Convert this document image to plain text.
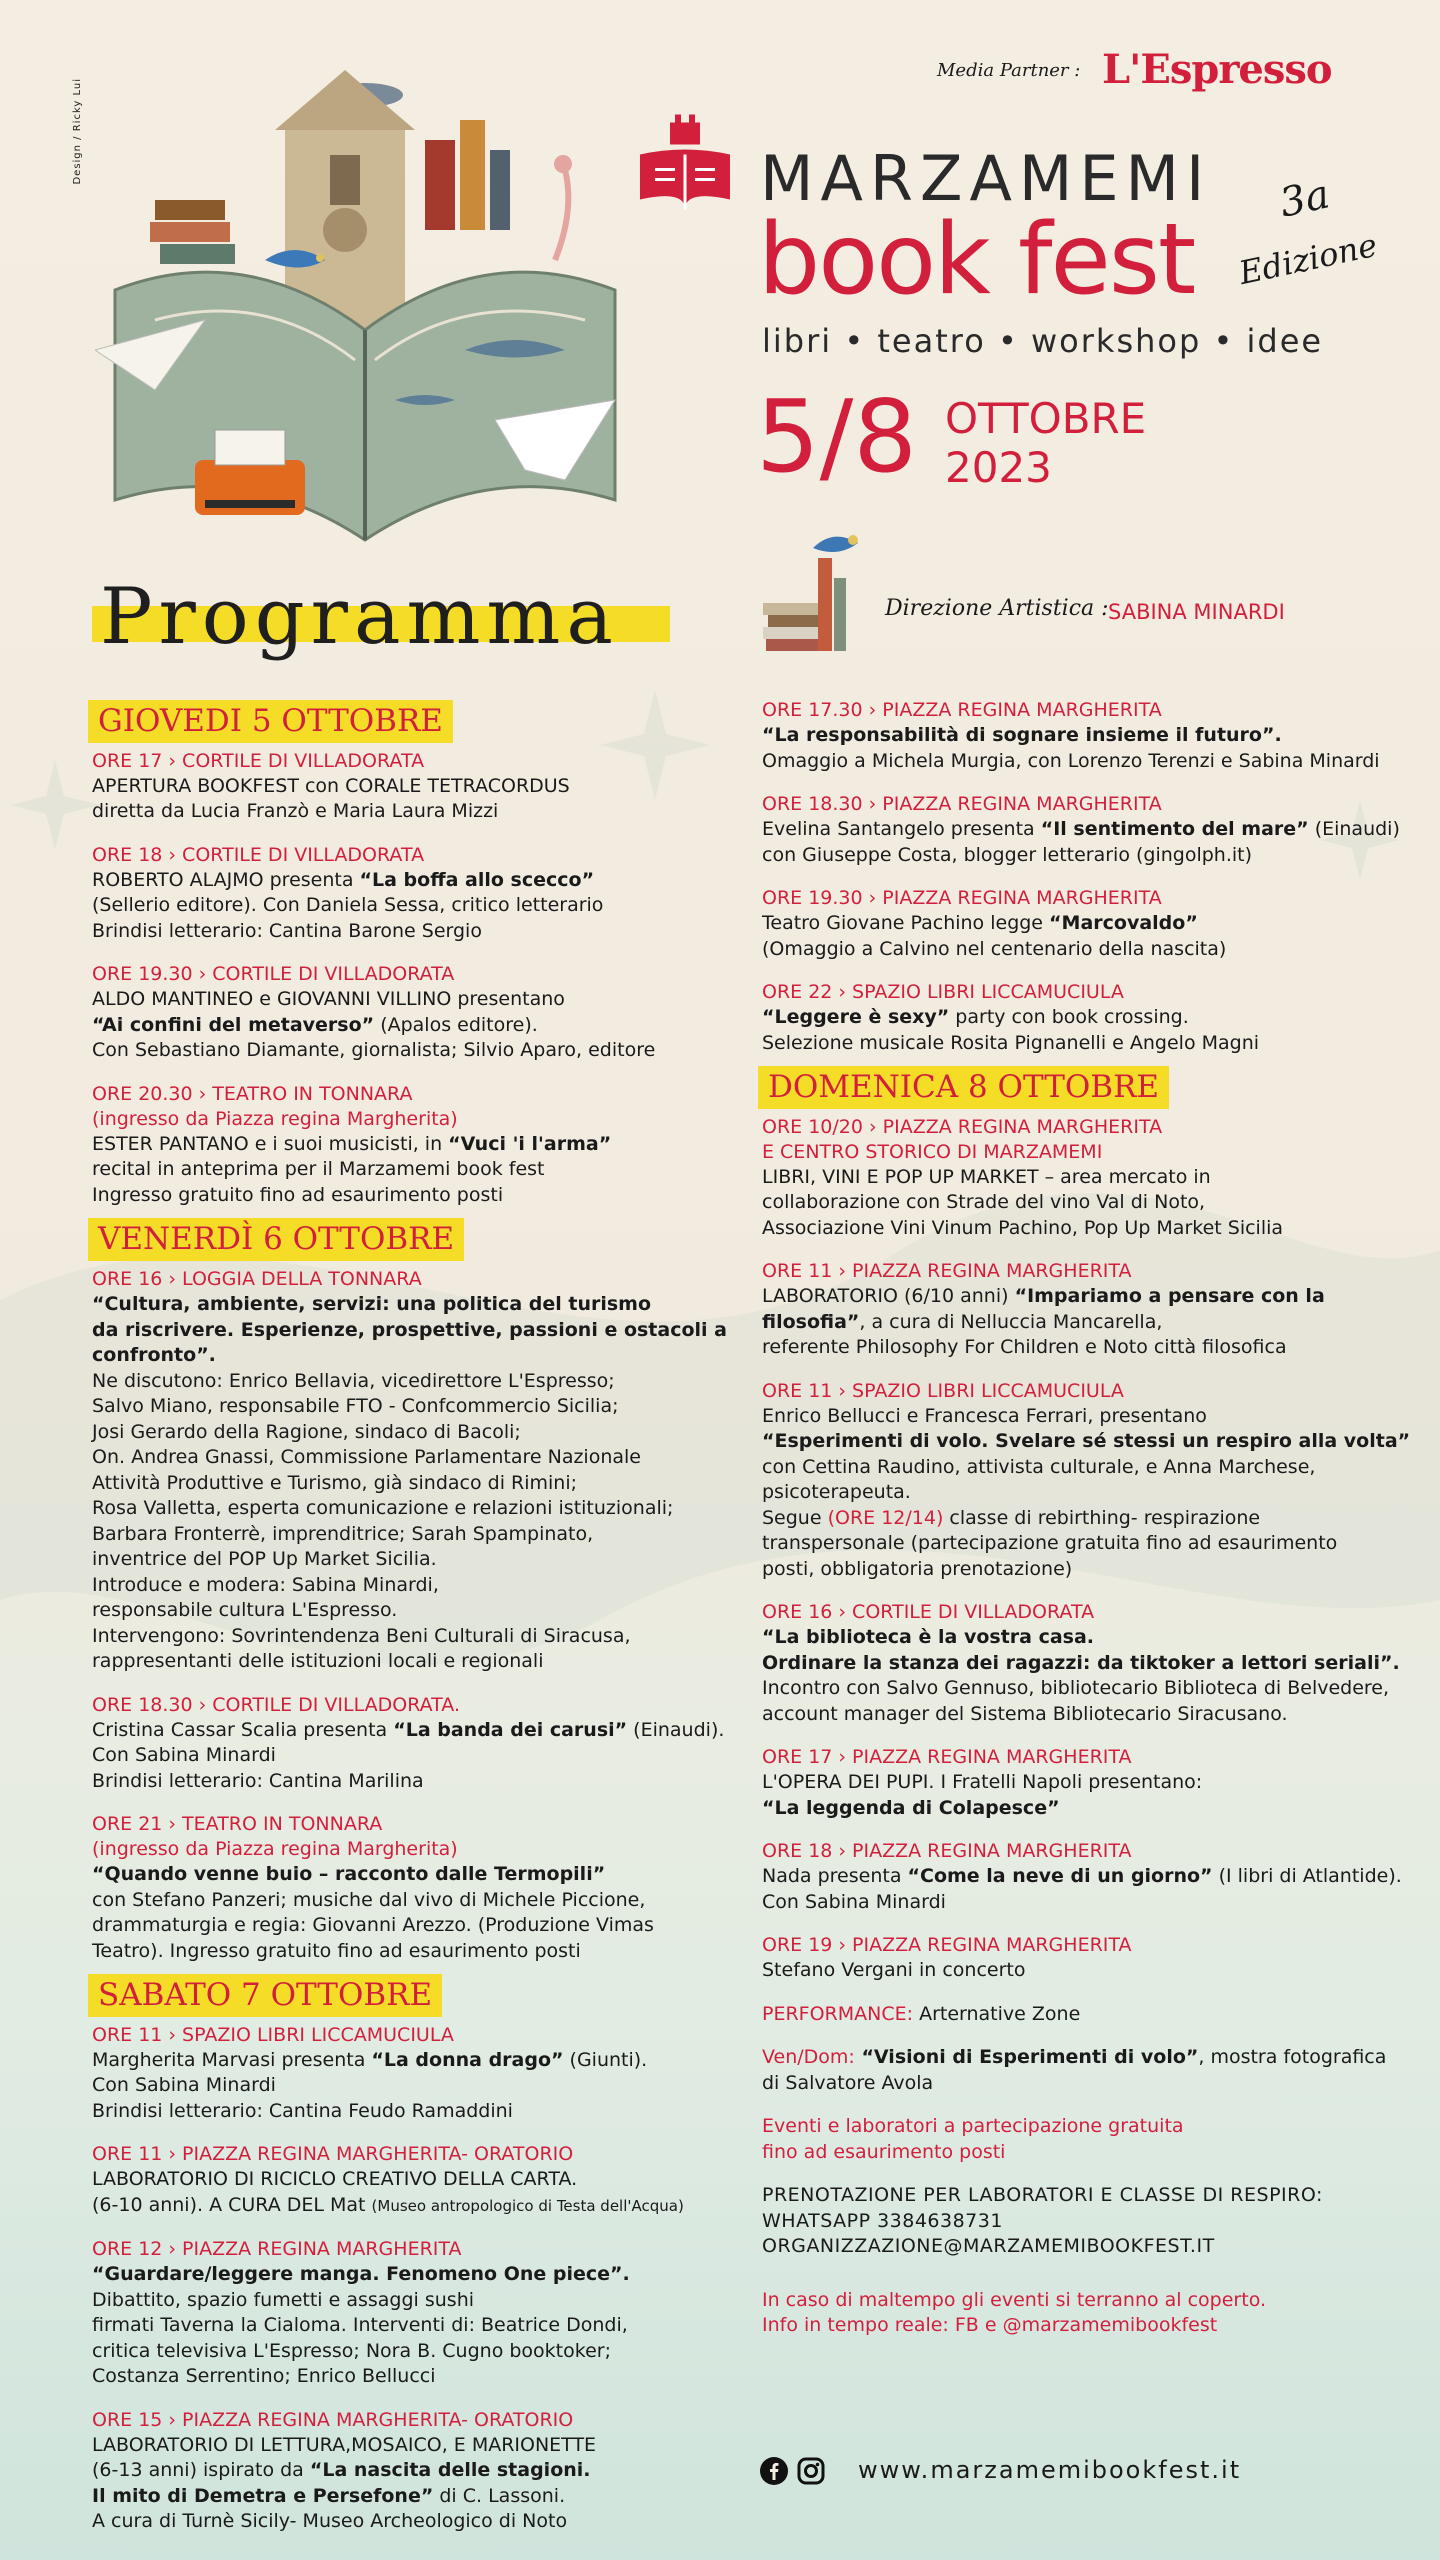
Design / Ricky Lui
Media Partner : L'Espresso
MARZAMEMI
book fest
3a
Edizione
libri • teatro • workshop • idee
5/8 OTTOBRE
2023
Direzione Artistica : SABINA MINARDI
Programma
GIOVEDI 5 OTTOBRE
ORE 17 › CORTILE DI VILLADORATA
APERTURA BOOKFEST con CORALE TETRACORDUS
diretta da Lucia Franzò e Maria Laura Mizzi
ORE 18 › CORTILE DI VILLADORATA
ROBERTO ALAJMO presenta “La boffa allo scecco”
(Sellerio editore). Con Daniela Sessa, critico letterario
Brindisi letterario: Cantina Barone Sergio
ORE 19.30 › CORTILE DI VILLADORATA
ALDO MANTINEO e GIOVANNI VILLINO presentano
“Ai confini del metaverso” (Apalos editore).
Con Sebastiano Diamante, giornalista; Silvio Aparo, editore
ORE 20.30 › TEATRO IN TONNARA
(ingresso da Piazza regina Margherita)
ESTER PANTANO e i suoi musicisti, in “Vuci 'i l'arma”
recital in anteprima per il Marzamemi book fest
Ingresso gratuito fino ad esaurimento posti
VENERDÌ 6 OTTOBRE
ORE 16 › LOGGIA DELLA TONNARA
“Cultura, ambiente, servizi: una politica del turismo
da riscrivere. Esperienze, prospettive, passioni e ostacoli a
confronto”.
Ne discutono: Enrico Bellavia, vicedirettore L'Espresso;
Salvo Miano, responsabile FTO - Confcommercio Sicilia;
Josi Gerardo della Ragione, sindaco di Bacoli;
On. Andrea Gnassi, Commissione Parlamentare Nazionale
Attività Produttive e Turismo, già sindaco di Rimini;
Rosa Valletta, esperta comunicazione e relazioni istituzionali;
Barbara Fronterrè, imprenditrice; Sarah Spampinato,
inventrice del POP Up Market Sicilia.
Introduce e modera: Sabina Minardi,
responsabile cultura L'Espresso.
Intervengono: Sovrintendenza Beni Culturali di Siracusa,
rappresentanti delle istituzioni locali e regionali
ORE 18.30 › CORTILE DI VILLADORATA.
Cristina Cassar Scalia presenta “La banda dei carusi” (Einaudi).
Con Sabina Minardi
Brindisi letterario: Cantina Marilina
ORE 21 › TEATRO IN TONNARA
(ingresso da Piazza regina Margherita)
“Quando venne buio – racconto dalle Termopili”
con Stefano Panzeri; musiche dal vivo di Michele Piccione,
drammaturgia e regia: Giovanni Arezzo. (Produzione Vimas
Teatro). Ingresso gratuito fino ad esaurimento posti
SABATO 7 OTTOBRE
ORE 11 › SPAZIO LIBRI LICCAMUCIULA
Margherita Marvasi presenta “La donna drago” (Giunti).
Con Sabina Minardi
Brindisi letterario: Cantina Feudo Ramaddini
ORE 11 › PIAZZA REGINA MARGHERITA- ORATORIO
LABORATORIO DI RICICLO CREATIVO DELLA CARTA.
(6-10 anni). A CURA DEL Mat (Museo antropologico di Testa dell'Acqua)
ORE 12 › PIAZZA REGINA MARGHERITA
“Guardare/leggere manga. Fenomeno One piece”.
Dibattito, spazio fumetti e assaggi sushi
firmati Taverna la Cialoma. Interventi di: Beatrice Dondi,
critica televisiva L'Espresso; Nora B. Cugno booktoker;
Costanza Serrentino; Enrico Bellucci
ORE 15 › PIAZZA REGINA MARGHERITA- ORATORIO
LABORATORIO DI LETTURA,MOSAICO, E MARIONETTE
(6-13 anni) ispirato da “La nascita delle stagioni.
Il mito di Demetra e Persefone” di C. Lassoni.
A cura di Turnè Sicily- Museo Archeologico di Noto
ORE 17.30 › PIAZZA REGINA MARGHERITA
“La responsabilità di sognare insieme il futuro”.
Omaggio a Michela Murgia, con Lorenzo Terenzi e Sabina Minardi
ORE 18.30 › PIAZZA REGINA MARGHERITA
Evelina Santangelo presenta “Il sentimento del mare” (Einaudi)
con Giuseppe Costa, blogger letterario (gingolph.it)
ORE 19.30 › PIAZZA REGINA MARGHERITA
Teatro Giovane Pachino legge “Marcovaldo”
(Omaggio a Calvino nel centenario della nascita)
ORE 22 › SPAZIO LIBRI LICCAMUCIULA
“Leggere è sexy” party con book crossing.
Selezione musicale Rosita Pignanelli e Angelo Magni
DOMENICA 8 OTTOBRE
ORE 10/20 › PIAZZA REGINA MARGHERITA
E CENTRO STORICO DI MARZAMEMI
LIBRI, VINI E POP UP MARKET – area mercato in
collaborazione con Strade del vino Val di Noto,
Associazione Vini Vinum Pachino, Pop Up Market Sicilia
ORE 11 › PIAZZA REGINA MARGHERITA
LABORATORIO (6/10 anni) “Impariamo a pensare con la
filosofia”, a cura di Nelluccia Mancarella,
referente Philosophy For Children e Noto città filosofica
ORE 11 › SPAZIO LIBRI LICCAMUCIULA
Enrico Bellucci e Francesca Ferrari, presentano
“Esperimenti di volo. Svelare sé stessi un respiro alla volta”
con Cettina Raudino, attivista culturale, e Anna Marchese,
psicoterapeuta.
Segue (ORE 12/14) classe di rebirthing- respirazione
transpersonale (partecipazione gratuita fino ad esaurimento
posti, obbligatoria prenotazione)
ORE 16 › CORTILE DI VILLADORATA
“La biblioteca è la vostra casa.
Ordinare la stanza dei ragazzi: da tiktoker a lettori seriali”.
Incontro con Salvo Gennuso, bibliotecario Biblioteca di Belvedere,
account manager del Sistema Bibliotecario Siracusano.
ORE 17 › PIAZZA REGINA MARGHERITA
L'OPERA DEI PUPI. I Fratelli Napoli presentano:
“La leggenda di Colapesce”
ORE 18 › PIAZZA REGINA MARGHERITA
Nada presenta “Come la neve di un giorno” (I libri di Atlantide).
Con Sabina Minardi
ORE 19 › PIAZZA REGINA MARGHERITA
Stefano Vergani in concerto
PERFORMANCE: Arternative Zone
Ven/Dom: “Visioni di Esperimenti di volo”, mostra fotografica
di Salvatore Avola
Eventi e laboratori a partecipazione gratuita
fino ad esaurimento posti
PRENOTAZIONE PER LABORATORI E CLASSE DI RESPIRO:
WHATSAPP 3384638731
ORGANIZZAZIONE@MARZAMEMIBOOKFEST.IT
In caso di maltempo gli eventi si terranno al coperto.
Info in tempo reale: FB e @marzamemibookfest
www.marzamemibookfest.it
